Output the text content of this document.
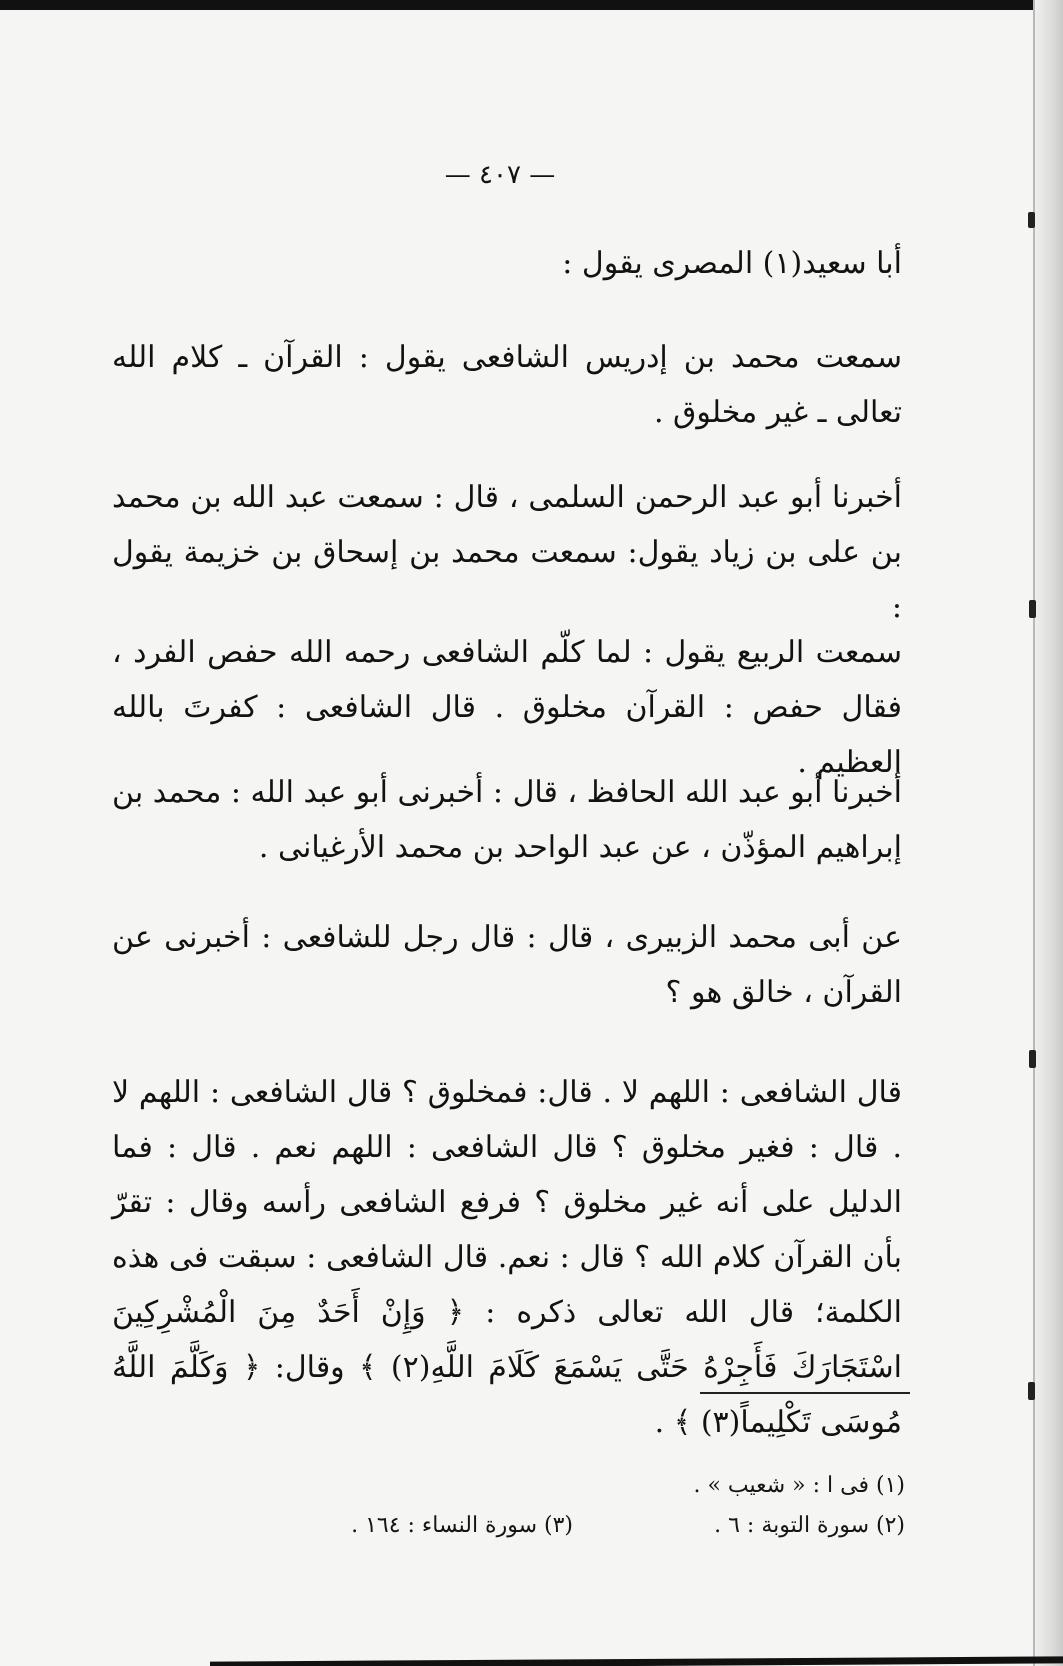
— ٤٠٧ —
أبا سعيد(١) المصرى يقول :
سمعت محمد بن إدريس الشافعى يقول : القرآن ـ كلام الله تعالى ـ غير مخلوق .
أخبرنا أبو عبد الرحمن السلمى ، قال : سمعت عبد الله بن محمد بن على بن زياد يقول: سمعت محمد بن إسحاق بن خزيمة يقول :
سمعت الربيع يقول : لما كلّم الشافعى رحمه الله حفص الفرد ، فقال حفص : القرآن مخلوق . قال الشافعى : كفرتَ بالله العظيم .
أخبرنا أبو عبد الله الحافظ ، قال : أخبرنى أبو عبد الله : محمد بن إبراهيم المؤذّن ، عن عبد الواحد بن محمد الأرغيانى .
عن أبى محمد الزبيرى ، قال : قال رجل للشافعى : أخبرنى عن القرآن ، خالق هو ؟
قال الشافعى : اللهم لا . قال: فمخلوق ؟ قال الشافعى : اللهم لا . قال : فغير مخلوق ؟ قال الشافعى : اللهم نعم . قال : فما الدليل على أنه غير مخلوق ؟ فرفع الشافعى رأسه وقال : تقرّ بأن القرآن كلام الله ؟ قال : نعم. قال الشافعى : سبقت فى هذه الكلمة؛ قال الله تعالى ذكره : ﴿ وَإِنْ أَحَدٌ مِنَ الْمُشْرِكِينَ اسْتَجَارَكَ فَأَجِرْهُ حَتَّى يَسْمَعَ كَلَامَ اللَّهِ(٢) ﴾ وقال: ﴿ وَكَلَّمَ اللَّهُ مُوسَى تَكْلِيماً(٣) ﴾ .
(١) فى ا : « شعيب » .
(٢) سورة التوبة : ٦ .
(٣) سورة النساء : ١٦٤ .
